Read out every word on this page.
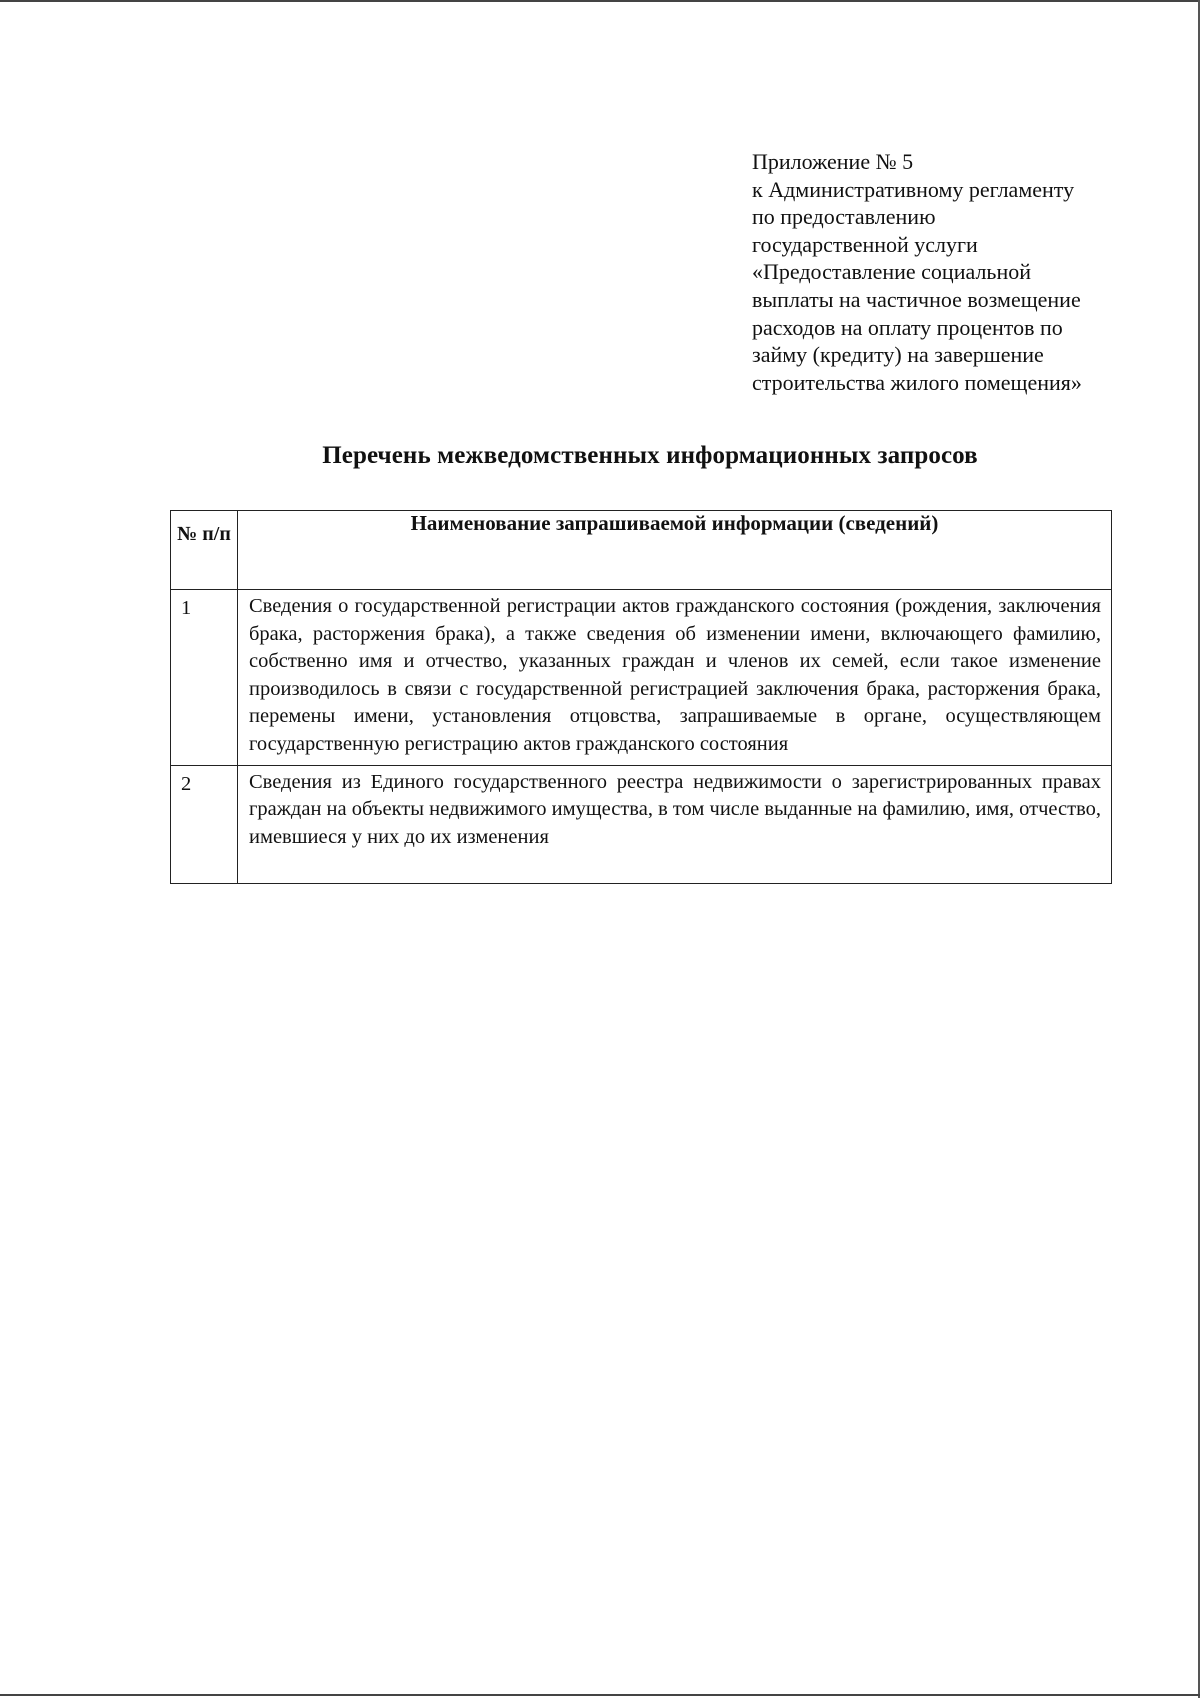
Приложение № 5
к Административному регламенту
по предоставлению
государственной услуги
«Предоставление социальной
выплаты на частичное возмещение
расходов на оплату процентов по
займу (кредиту) на завершение
строительства жилого помещения»
Перечень межведомственных информационных запросов
№ п/п	Наименование запрашиваемой информации (сведений)
1	Сведения о государственной регистрации актов гражданского состояния (рождения, заключения брака, расторжения брака), а также сведения об изменении имени, включающего фамилию, собственно имя и отчество, указанных граждан и членов их семей, если такое изменение производилось в связи с государственной регистрацией заключения брака, расторжения брака, перемены имени, установления отцовства, запрашиваемые в органе, осуществляющем государственную регистрацию актов гражданского состояния
2	Сведения из Единого государственного реестра недвижимости о зарегистрированных правах граждан на объекты недвижимого имущества, в том числе выданные на фамилию, имя, отчество, имевшиеся у них до их изменения
